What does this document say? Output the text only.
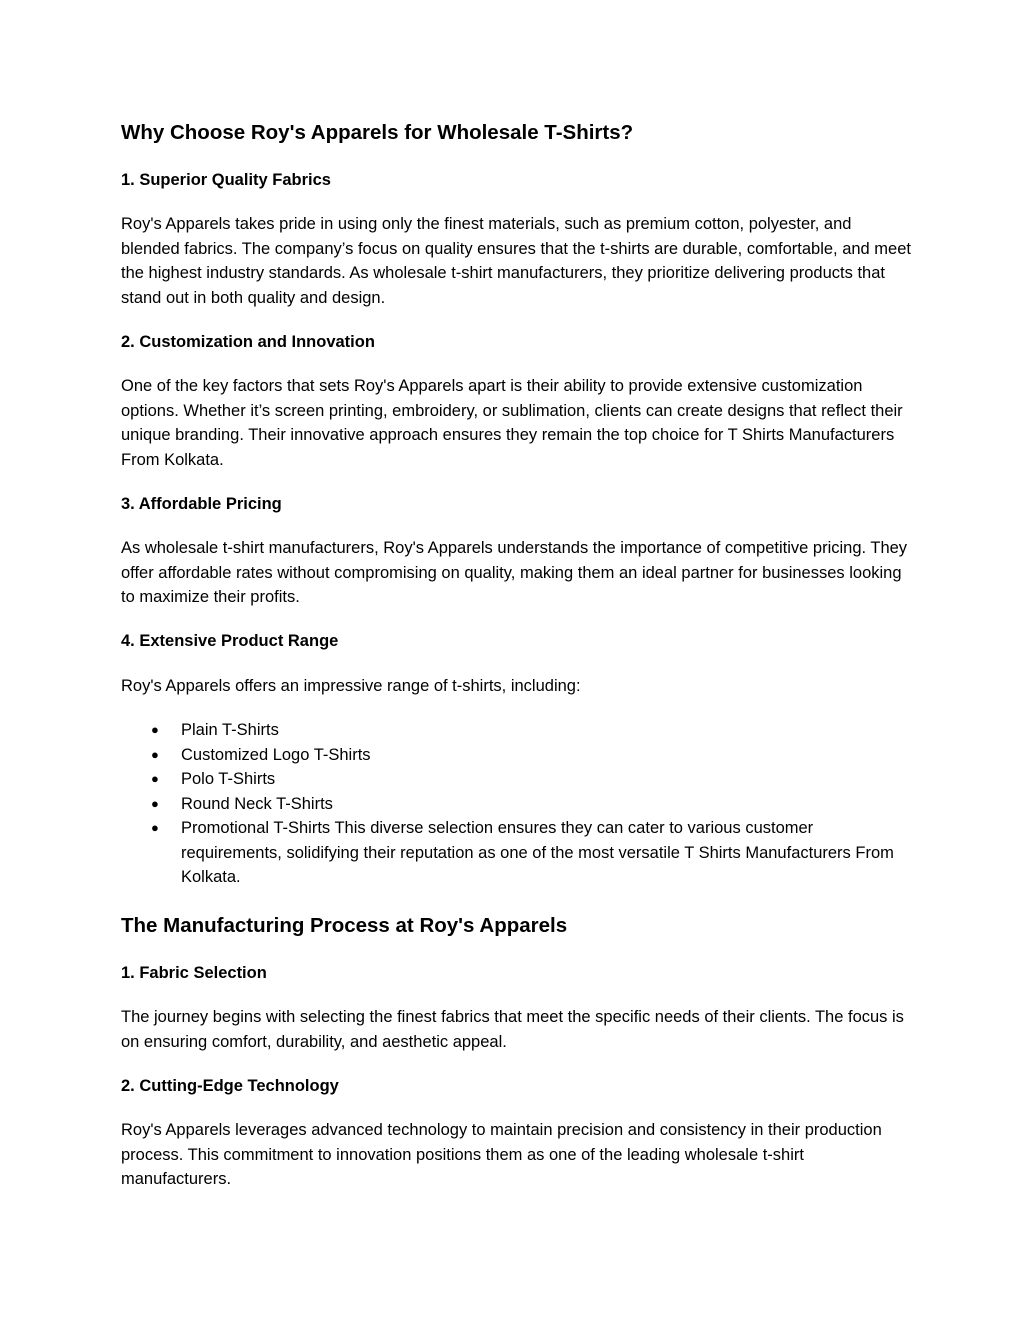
Why Choose Roy's Apparels for Wholesale T-Shirts?
1. Superior Quality Fabrics

Roy's Apparels takes pride in using only the finest materials, such as premium cotton, polyester, and blended fabrics. The company’s focus on quality ensures that the t-shirts are durable, comfortable, and meet the highest industry standards. As wholesale t-shirt manufacturers, they prioritize delivering products that stand out in both quality and design.

2. Customization and Innovation

One of the key factors that sets Roy's Apparels apart is their ability to provide extensive customization options. Whether it’s screen printing, embroidery, or sublimation, clients can create designs that reflect their unique branding. Their innovative approach ensures they remain the top choice for T Shirts Manufacturers From Kolkata.

3. Affordable Pricing

As wholesale t-shirt manufacturers, Roy's Apparels understands the importance of competitive pricing. They offer affordable rates without compromising on quality, making them an ideal partner for businesses looking to maximize their profits.

4. Extensive Product Range

Roy's Apparels offers an impressive range of t-shirts, including:

● Plain T-Shirts
● Customized Logo T-Shirts
● Polo T-Shirts
● Round Neck T-Shirts
● Promotional T-Shirts This diverse selection ensures they can cater to various customer requirements, solidifying their reputation as one of the most versatile T Shirts Manufacturers From Kolkata.
The Manufacturing Process at Roy's Apparels
1. Fabric Selection

The journey begins with selecting the finest fabrics that meet the specific needs of their clients. The focus is on ensuring comfort, durability, and aesthetic appeal.

2. Cutting-Edge Technology

Roy's Apparels leverages advanced technology to maintain precision and consistency in their production process. This commitment to innovation positions them as one of the leading wholesale t-shirt manufacturers.
